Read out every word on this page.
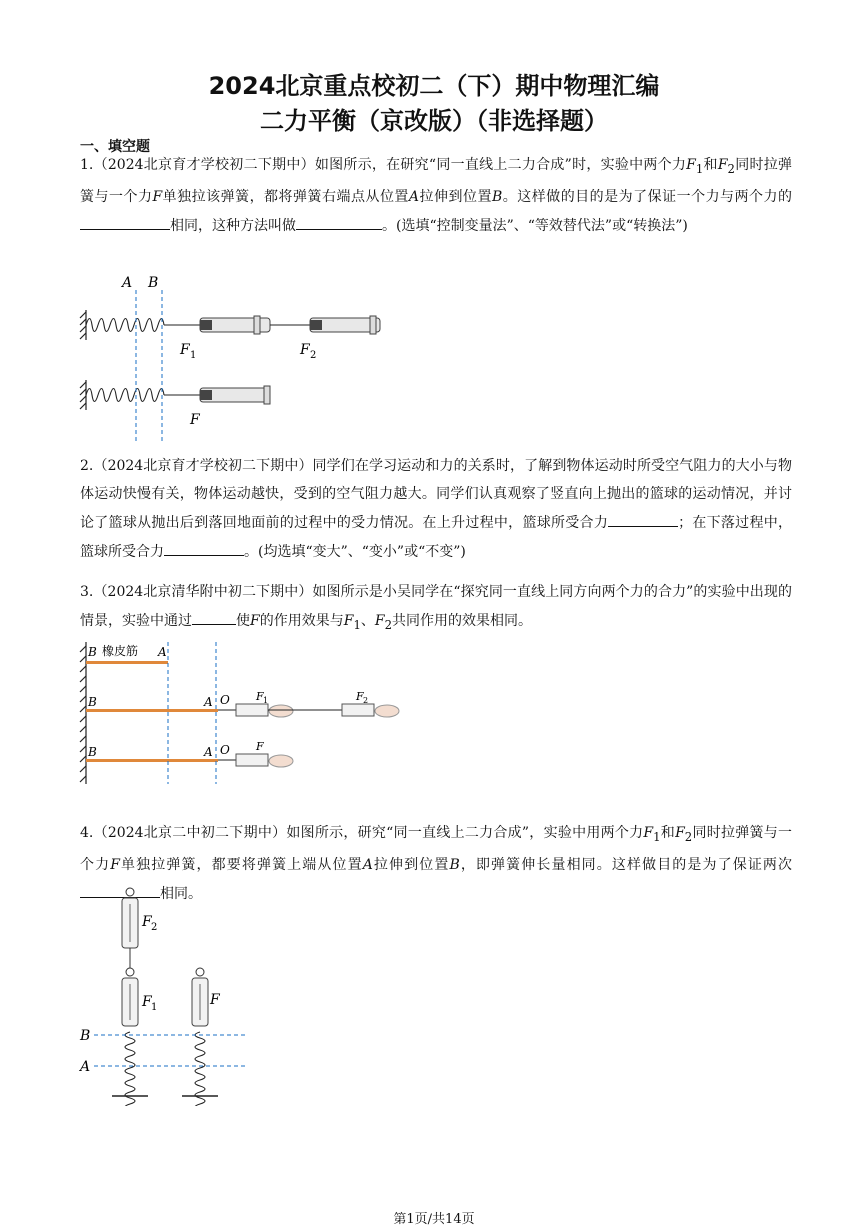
2024北京重点校初二（下）期中物理汇编
二力平衡（京改版）（非选择题）
一、填空题
1.（2024北京育才学校初二下期中）如图所示，在研究“同一直线上二力合成”时，实验中两个力$F_1$和$F_2$同时拉弹簧与一个力F单独拉该弹簧，都将弹簧右端点从位置A拉伸到位置B。这样做的目的是为了保证一个力与两个力的相同，这种方法叫做	。(选填“控制变量法”、“等效替代法”或“转换法”)
A B
F 1	F 2
F
2.（2024北京育才学校初二下期中）同学们在学习运动和力的关系时，了解到物体运动时所受空气阻力的大小与物体运动快慢有关，物体运动越快，受到的空气阻力越大。同学们认真观察了竖直向上抛出的篮球的运动情况，并讨论了篮球从抛出后到落回地面前的过程中的受力情况。在上升过程中，篮球所受合力	；在下落过程中，篮球所受合力	。(均选填“变大”、“变小”或“不变”)
3.（2024北京清华附中初二下期中）如图所示是小吴同学在“探究同一直线上同方向两个力的合力”的实验中出现的情景，实验中通过	使F的作用效果与$F_1$、$F_2$共同作用的效果相同。
B 橡皮筋 A
B	A O F 1	F 2
B	A O F
4.（2024北京二中初二下期中）如图所示，研究“同一直线上二力合成”，实验中用两个力$F_1$和$F_2$同时拉弹簧与一个力F单独拉弹簧，都要将弹簧上端从位置A拉伸到位置B，即弹簧伸长量相同。这样做目的是为了保证两次相同。
F 2
F 1	F
B
A
第1页/共14页
